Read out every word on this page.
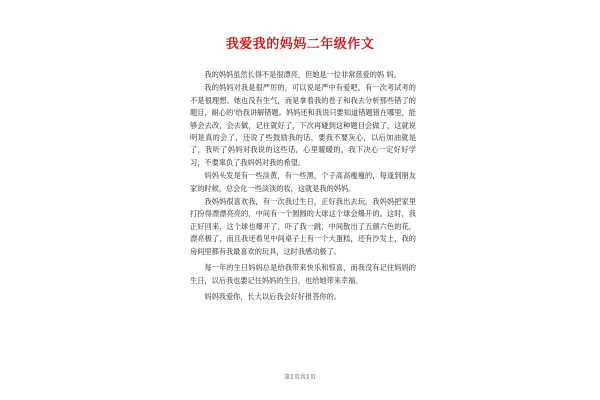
我爱我的妈妈二年级作文

我的妈妈虽然长得不是很漂亮，但她是一位非常慈爱的妈 妈。

我的妈妈对我是很严厉的，可以说是严中有爱吧。有一次考试考的不是很理想。她也没有生气，而是拿着我的卷子和我去分析那些错了的题目，耐心的'给我讲解错题。妈妈还和我说只要知道错题错在哪里，能够会去改，会去做，记住就好了，下次再碰到这种题目会做了，这就说明是真的会了，还说了些鼓励我的话，要我不要灰心，以后加油就是了，我听了妈妈对我说的这些话，心里暖暖的，我下决心一定好好学习，不要辜负了我妈妈对我的希望。

妈妈头发是有一些淡黄，有一些黑，个子高高瘦瘦的，每逢到朋友家的时候，总会化一些淡淡的妆，这就是我的妈妈。

我妈妈很喜欢我，有一次我过生日，正好我出去玩，我妈妈把家里打扮得漂漂亮亮的，中间有一个圆圆的大球这个球会爆开的。这时，我正好回来，这个球也爆开了，吓了我一跳，中间散出了五颜六色的花，漂亮极了，而且我还看见中间桌子上有一个大蛋糕，还有沙发上，我的房间里都有我最喜欢的玩具，这时我感动极了。

每一年的生日妈妈总是给我带来快乐和惊喜，而我没有记住妈妈的生日，以后我也要记住妈妈的生日，也给她带来幸福。

妈妈我爱你，长大以后我会好好报答你的。

第1页共1页
